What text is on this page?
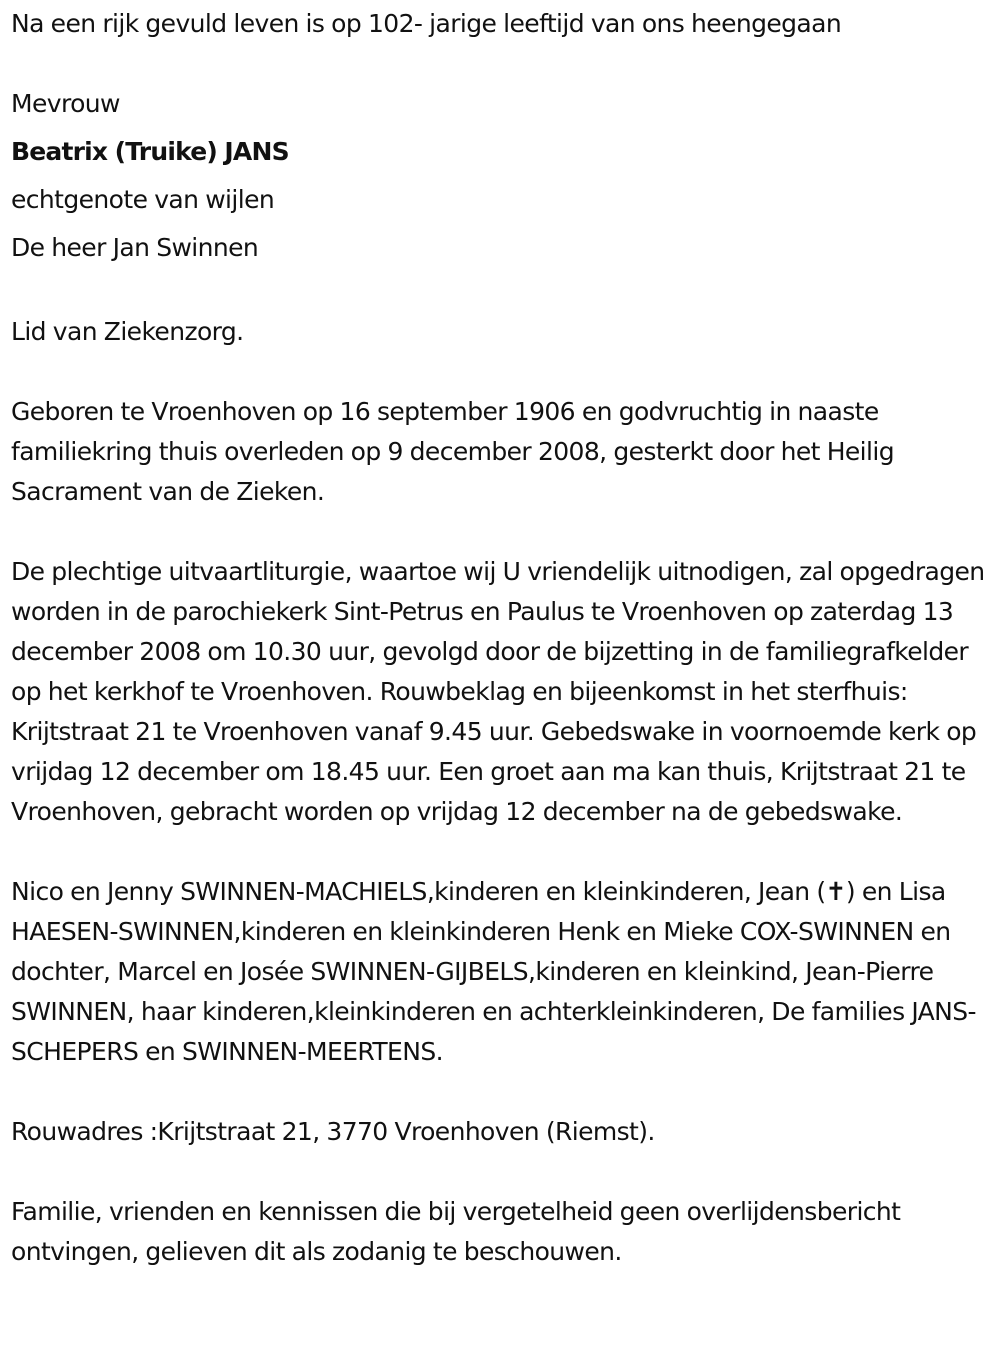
Na een rijk gevuld leven is op 102- jarige leeftijd van ons heengegaan

Mevrouw

Beatrix (Truike) JANS

echtgenote van wijlen

De heer Jan Swinnen

Lid van Ziekenzorg.

Geboren te Vroenhoven op 16 september 1906 en godvruchtig in naaste familiekring thuis overleden op 9 december 2008, gesterkt door het Heilig Sacrament van de Zieken.

De plechtige uitvaartliturgie, waartoe wij U vriendelijk uitnodigen, zal opgedragen worden in de parochiekerk Sint-Petrus en Paulus te Vroenhoven op zaterdag 13 december 2008 om 10.30 uur, gevolgd door de bijzetting in de familiegrafkelder op het kerkhof te Vroenhoven. Rouwbeklag en bijeenkomst in het sterfhuis: Krijtstraat 21 te Vroenhoven vanaf 9.45 uur. Gebedswake in voornoemde kerk op vrijdag 12 december om 18.45 uur. Een groet aan ma kan thuis, Krijtstraat 21 te Vroenhoven, gebracht worden op vrijdag 12 december na de gebedswake.

Nico en Jenny SWINNEN-MACHIELS,kinderen en kleinkinderen, Jean (✝) en Lisa HAESEN-SWINNEN,kinderen en kleinkinderen Henk en Mieke COX-SWINNEN en dochter, Marcel en Josée SWINNEN-GIJBELS,kinderen en kleinkind, Jean-Pierre SWINNEN, haar kinderen,kleinkinderen en achterkleinkinderen, De families JANS-SCHEPERS en SWINNEN-MEERTENS.

Rouwadres :Krijtstraat 21, 3770 Vroenhoven (Riemst).

Familie, vrienden en kennissen die bij vergetelheid geen overlijdensbericht ontvingen, gelieven dit als zodanig te beschouwen.
